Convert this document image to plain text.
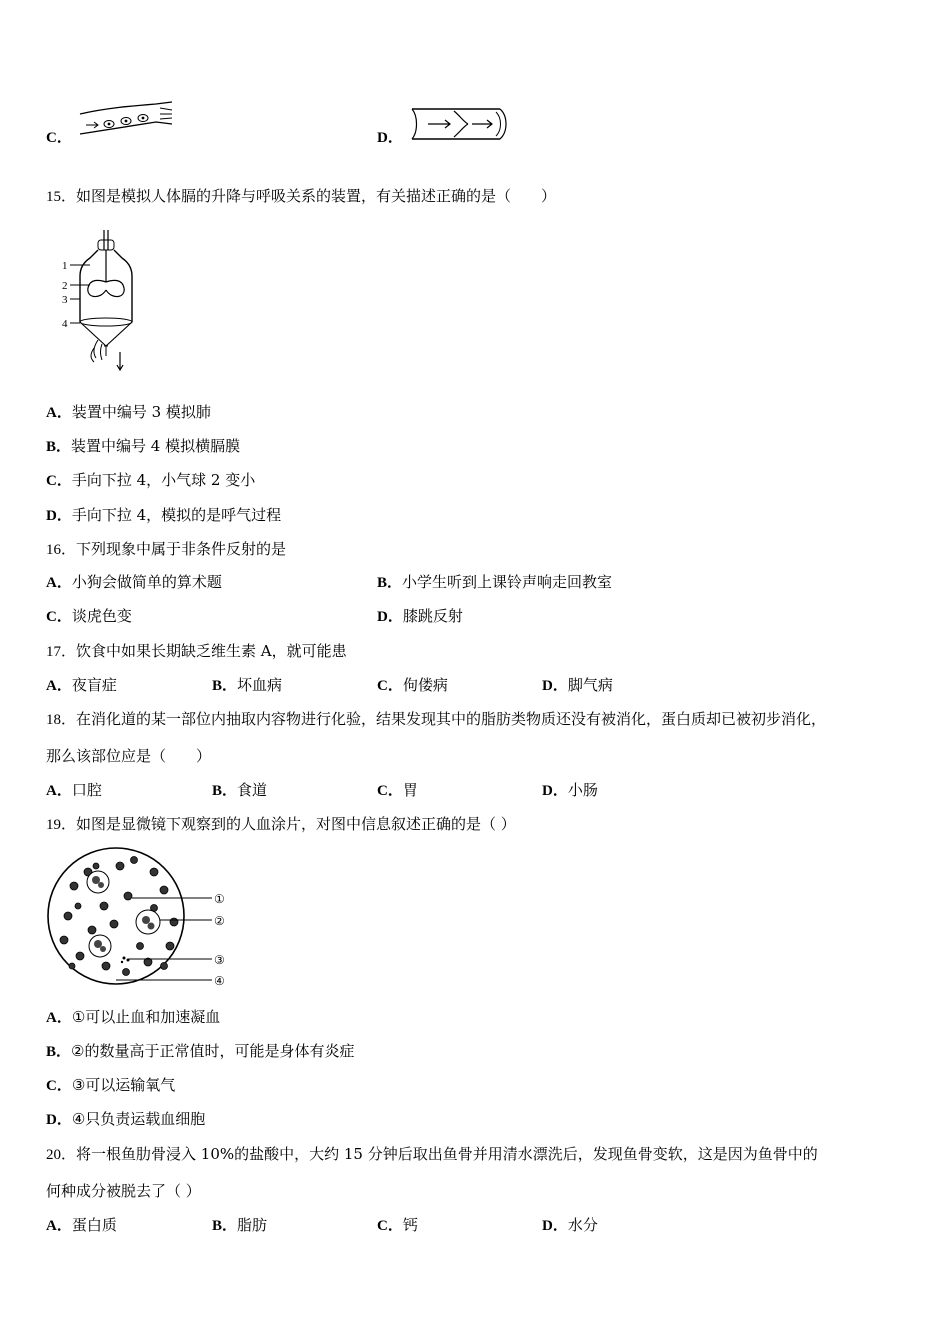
C．	D．
15．如图是模拟人体膈的升降与呼吸关系的装置，有关描述正确的是（　　）
1
2
3
4
A．装置中编号 3 模拟肺
B．装置中编号 4 模拟横膈膜
C．手向下拉 4，小气球 2 变小
D．手向下拉 4，模拟的是呼气过程
16．下列现象中属于非条件反射的是
A．小狗会做简单的算术题	B．小学生听到上课铃声响走回教室
C．谈虎色变	D．膝跳反射
17．饮食中如果长期缺乏维生素 A，就可能患
A．夜盲症	B．坏血病	C．佝偻病	D．脚气病
18．在消化道的某一部位内抽取内容物进行化验，结果发现其中的脂肪类物质还没有被消化，蛋白质却已被初步消化，
那么该部位应是（　　）
A．口腔	B．食道	C．胃	D．小肠
19．如图是显微镜下观察到的人血涂片，对图中信息叙述正确的是（ ）
①
②
③
④
A．①可以止血和加速凝血
B．②的数量高于正常值时，可能是身体有炎症
C．③可以运输氧气
D．④只负责运载血细胞
20．将一根鱼肋骨浸入 10%的盐酸中，大约 15 分钟后取出鱼骨并用清水漂洗后，发现鱼骨变软，这是因为鱼骨中的
何种成分被脱去了（ ）
A．蛋白质	B．脂肪	C．钙	D．水分
